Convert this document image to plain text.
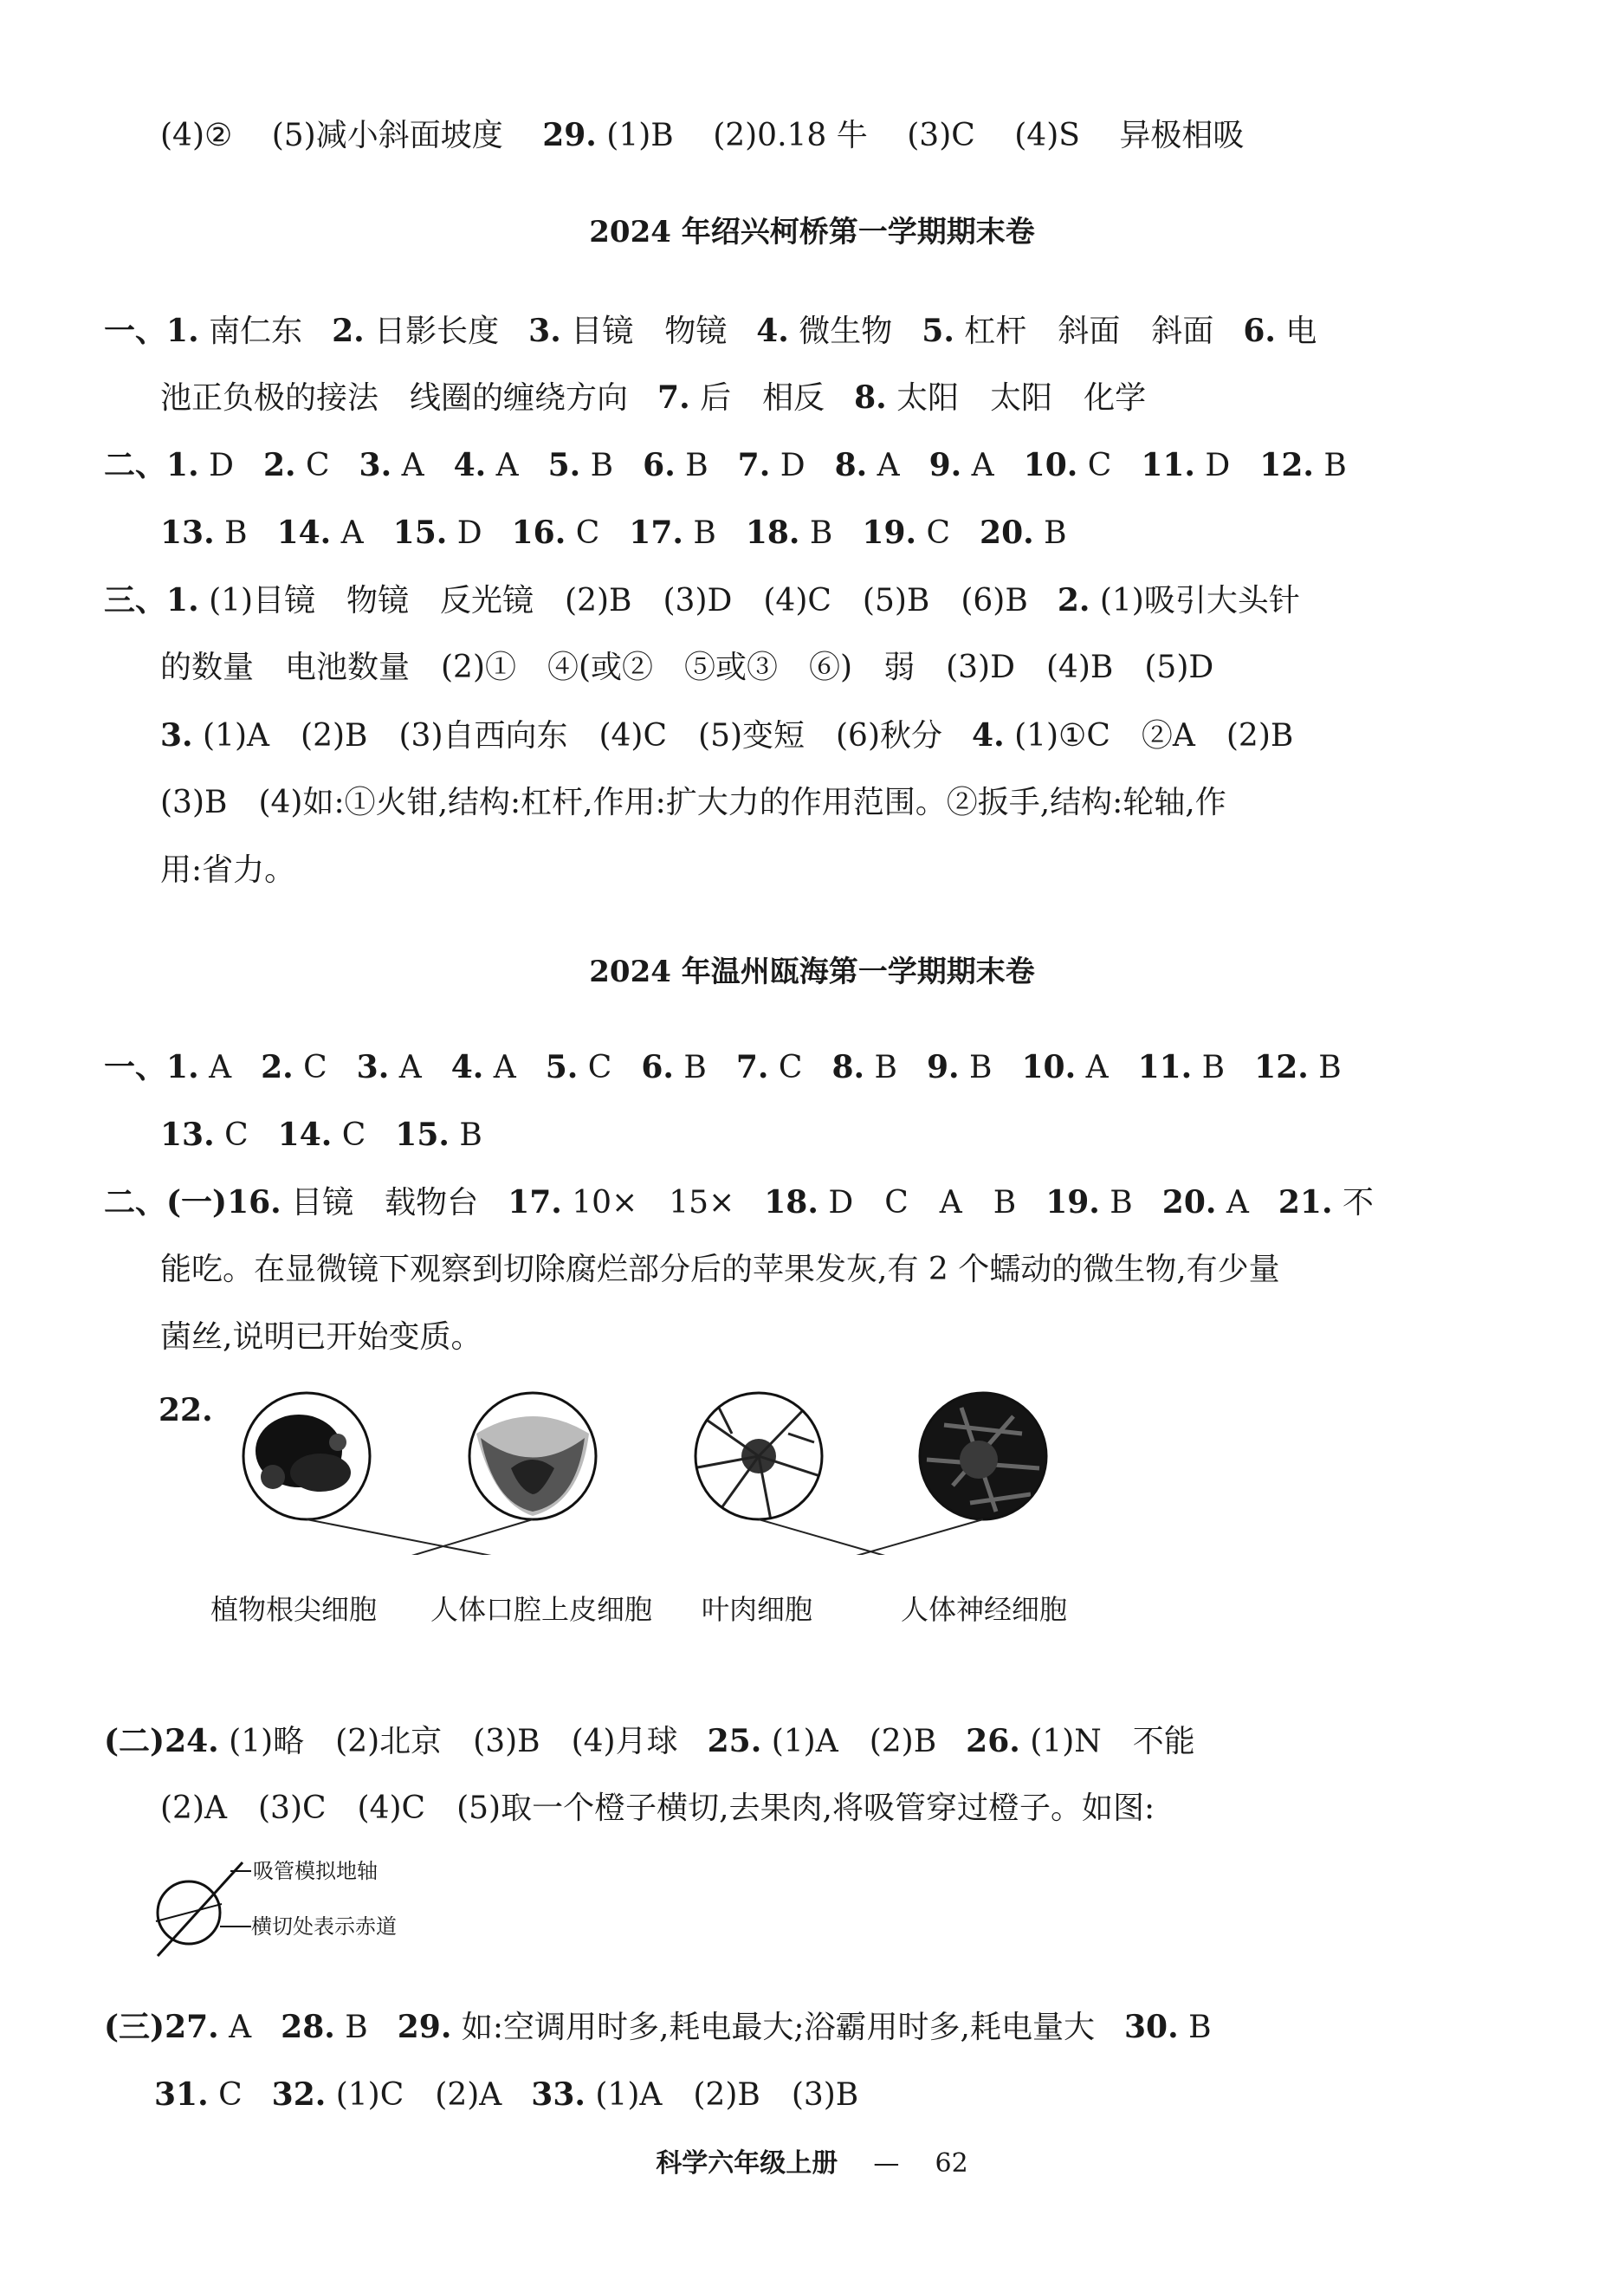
(4)② (5)减小斜面坡度 29. (1)B (2)0.18 牛 (3)C (4)S 异极相吸
2024 年绍兴柯桥第一学期期末卷
一、1. 南仁东 2. 日影长度 3. 目镜　物镜 4. 微生物 5. 杠杆　斜面　斜面 6. 电
池正负极的接法　线圈的缠绕方向 7. 后　相反 8. 太阳　太阳　化学
二、1. D 2. C 3. A 4. A 5. B 6. B 7. D 8. A 9. A 10. C 11. D 12. B
13. B 14. A 15. D 16. C 17. B 18. B 19. C 20. B
三、1. (1)目镜　物镜　反光镜　(2)B　(3)D　(4)C　(5)B　(6)B 2. (1)吸引大头针
的数量　电池数量　(2)①　④(或②　⑤或③　⑥)　弱　(3)D　(4)B　(5)D
3. (1)A　(2)B　(3)自西向东　(4)C　(5)变短　(6)秋分 4. (1)①C　②A　(2)B
(3)B　(4)如:①火钳,结构:杠杆,作用:扩大力的作用范围。②扳手,结构:轮轴,作
用:省力。
2024 年温州瓯海第一学期期末卷
一、1. A 2. C 3. A 4. A 5. C 6. B 7. C 8. B 9. B 10. A 11. B 12. B
13. C 14. C 15. B
二、(一)16. 目镜　载物台 17. 10×　15× 18. D　C　A　B 19. B 20. A 21. 不
能吃。在显微镜下观察到切除腐烂部分后的苹果发灰,有 2 个蠕动的微生物,有少量
菌丝,说明已开始变质。
22.
植物根尖细胞 人体口腔上皮细胞 叶肉细胞	人体神经细胞
(二)24. (1)略　(2)北京　(3)B　(4)月球 25. (1)A　(2)B 26. (1)N　不能
(2)A　(3)C　(4)C　(5)取一个橙子横切,去果肉,将吸管穿过橙子。如图:
吸管模拟地轴
横切处表示赤道
(三)27. A 28. B 29. 如:空调用时多,耗电最大;浴霸用时多,耗电量大 30. B
31. C 32. (1)C　(2)A 33. (1)A　(2)B　(3)B
科学六年级上册 — 62
